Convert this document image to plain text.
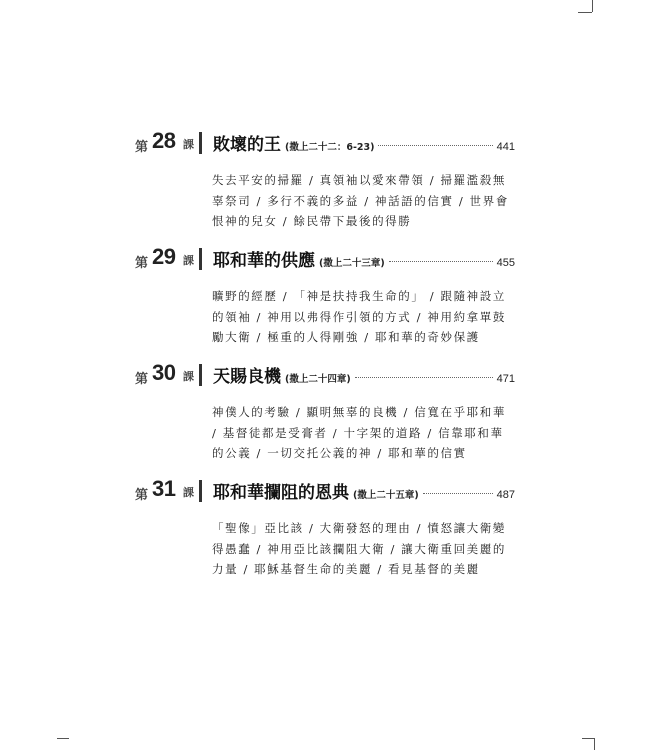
第 28 課 敗壞的王 (撒上二十二：6-23)	441
失去平安的掃羅 / 真領袖以愛來帶領 / 掃羅濫殺無辜祭司 / 多行不義的多益 / 神話語的信實 / 世界會恨神的兒女 / 餘民帶下最後的得勝
第 29 課 耶和華的供應 (撒上二十三章)	455
曠野的經歷 / 「神是扶持我生命的」 / 跟隨神設立的領袖 / 神用以弗得作引領的方式 / 神用約拿單鼓勵大衛 / 極重的人得剛強 / 耶和華的奇妙保護
第 30 課 天賜良機 (撒上二十四章)	471
神僕人的考驗 / 顯明無辜的良機 / 信寬在乎耶和華 / 基督徒都是受膏者 / 十字架的道路 / 信靠耶和華的公義 / 一切交托公義的神 / 耶和華的信實
第 31 課 耶和華攔阻的恩典 (撒上二十五章)	487
「聖像」亞比該 / 大衛發怒的理由 / 憤怒讓大衛變得愚蠢 / 神用亞比該攔阻大衛 / 讓大衛重回美麗的力量 / 耶穌基督生命的美麗 / 看見基督的美麗
